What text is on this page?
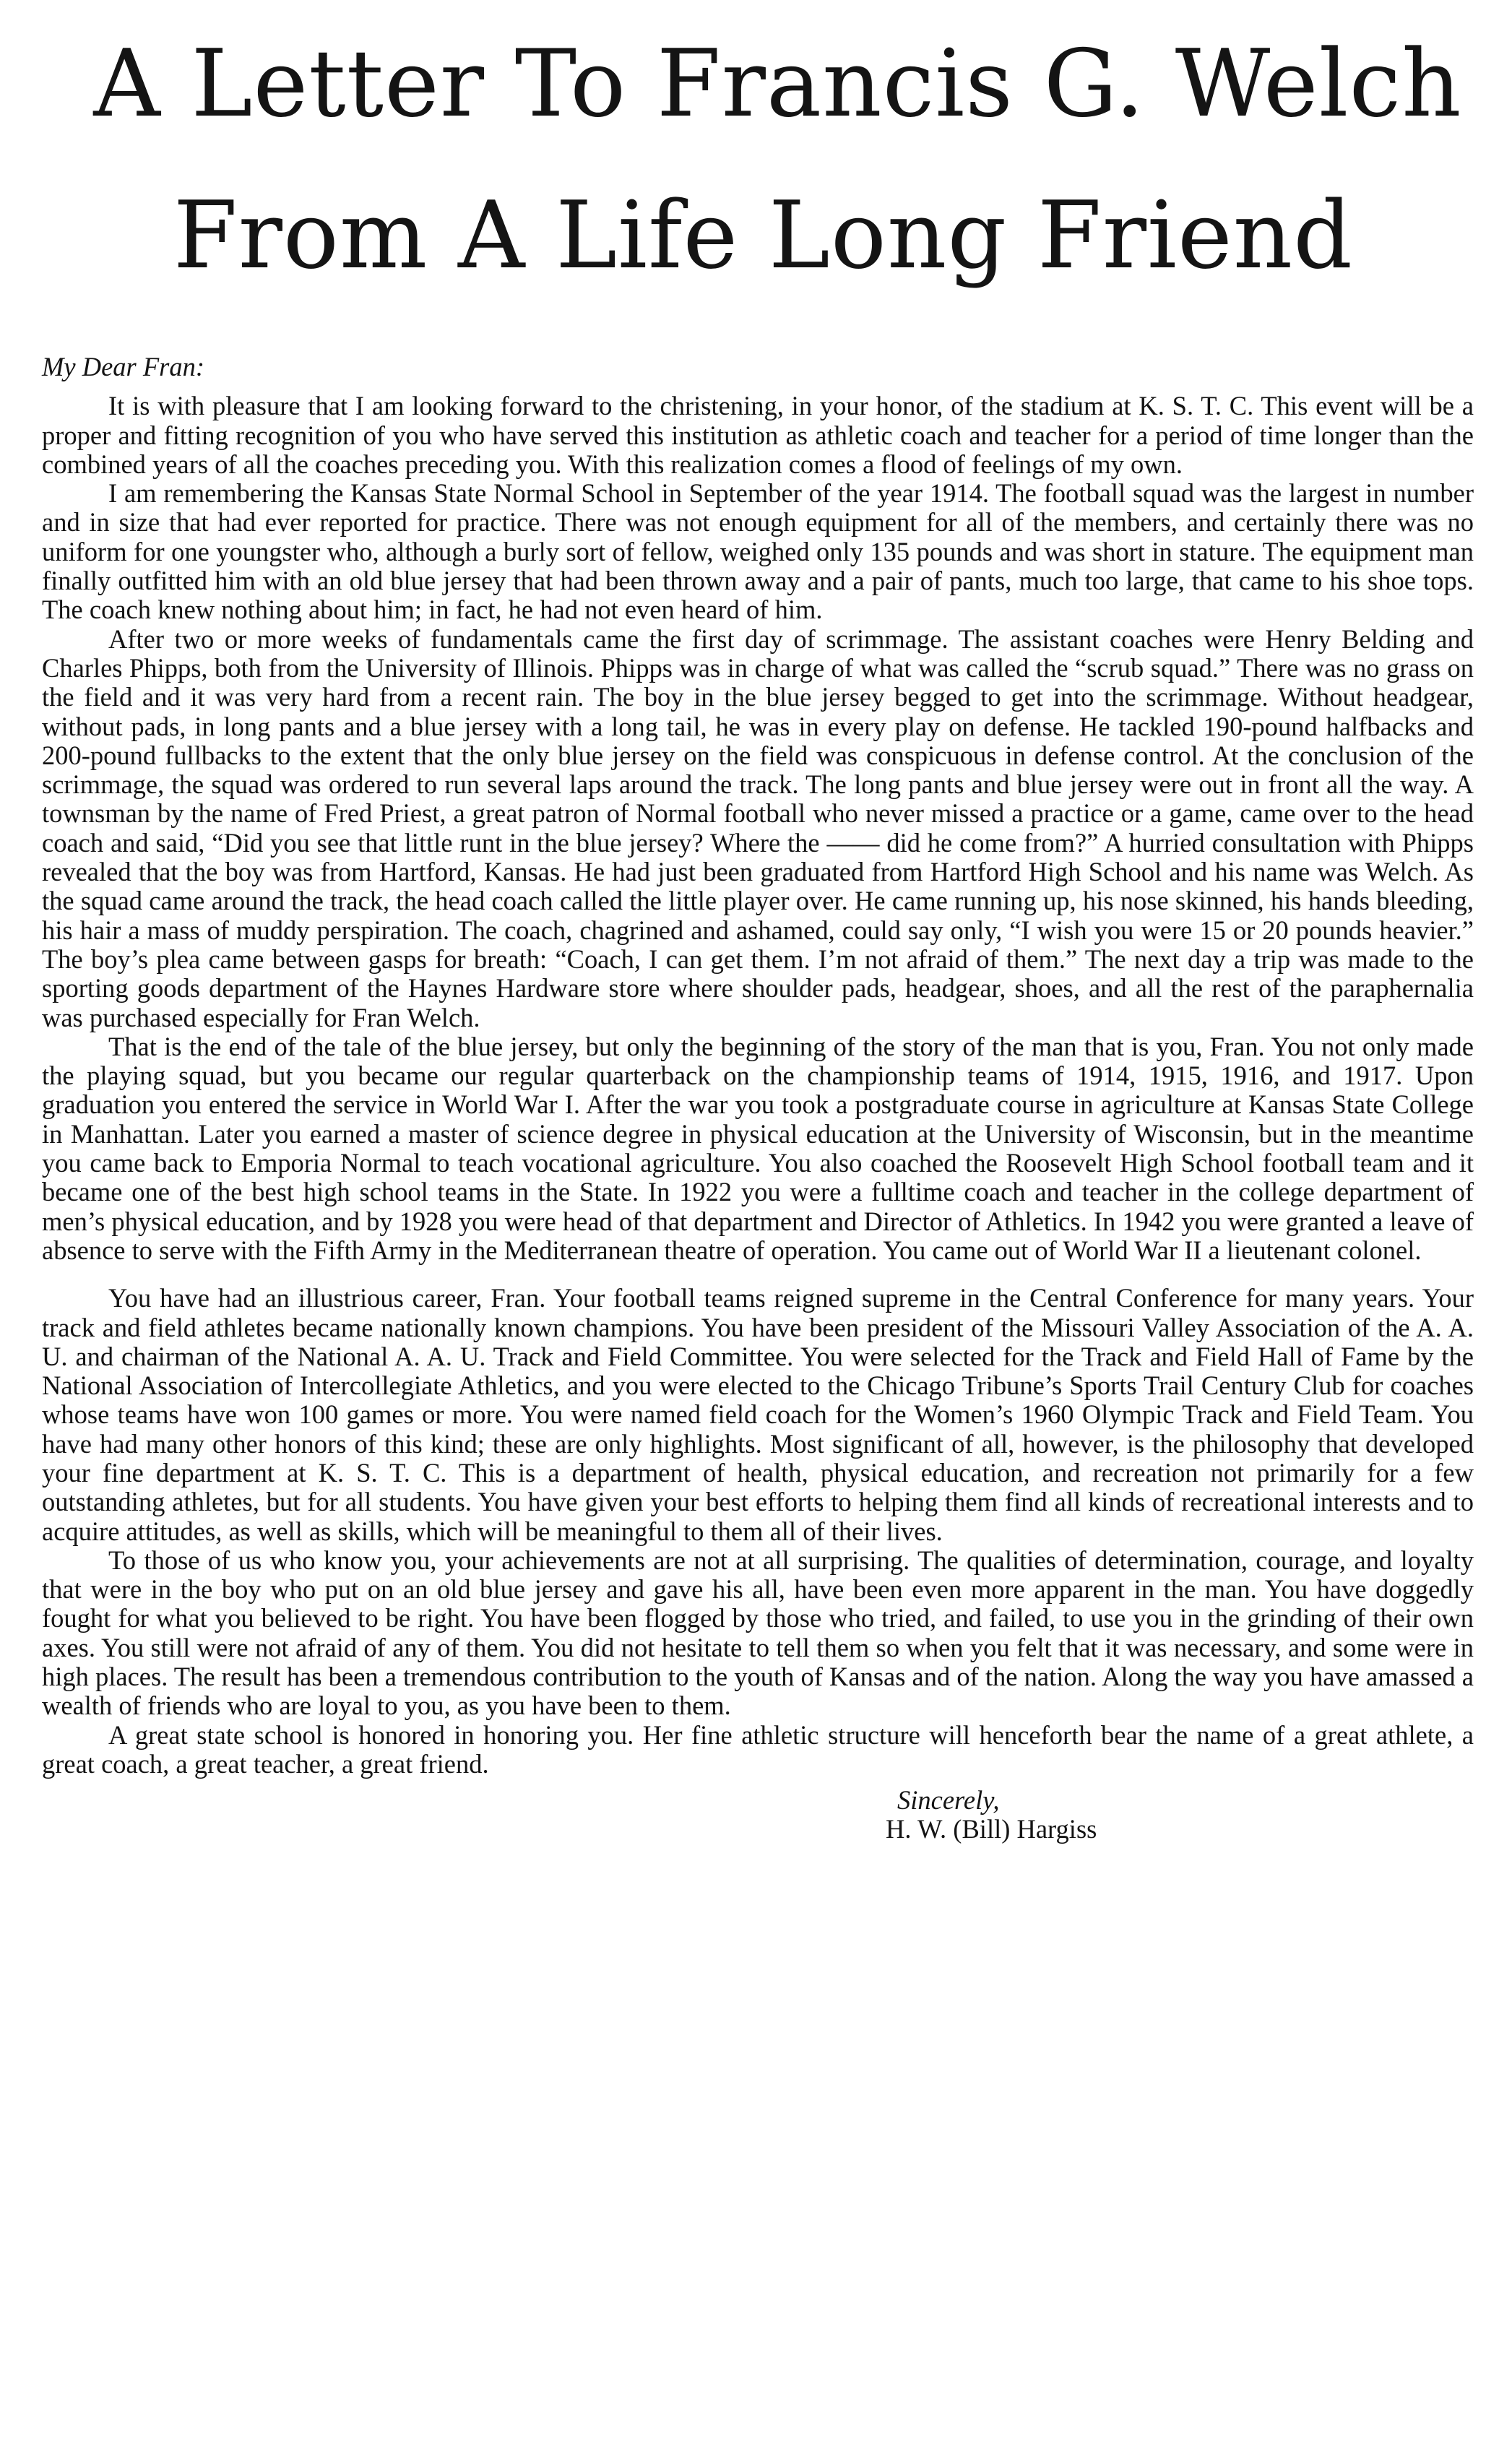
A Letter To Francis G. Welch
From A Life Long Friend

My Dear Fran:

It is with pleasure that I am looking forward to the christening, in your honor, of the stadium at K. S. T. C. This event will be a proper and fitting recognition of you who have served this institution as athletic coach and teacher for a period of time longer than the combined years of all the coaches preceding you. With this realization comes a flood of feelings of my own.

I am remembering the Kansas State Normal School in September of the year 1914. The football squad was the largest in number and in size that had ever reported for practice. There was not enough equipment for all of the members, and certainly there was no uniform for one youngster who, although a burly sort of fellow, weighed only 135 pounds and was short in stature. The equipment man finally outfitted him with an old blue jersey that had been thrown away and a pair of pants, much too large, that came to his shoe tops. The coach knew nothing about him; in fact, he had not even heard of him.

After two or more weeks of fundamentals came the first day of scrimmage. The assistant coaches were Henry Belding and Charles Phipps, both from the University of Illinois. Phipps was in charge of what was called the “scrub squad.” There was no grass on the field and it was very hard from a recent rain. The boy in the blue jersey begged to get into the scrimmage. Without headgear, without pads, in long pants and a blue jersey with a long tail, he was in every play on defense. He tackled 190-pound halfbacks and 200-pound fullbacks to the extent that the only blue jersey on the field was conspicuous in defense control. At the conclusion of the scrimmage, the squad was ordered to run several laps around the track. The long pants and blue jersey were out in front all the way. A townsman by the name of Fred Priest, a great patron of Normal football who never missed a practice or a game, came over to the head coach and said, “Did you see that little runt in the blue jersey? Where the —— did he come from?” A hurried consultation with Phipps revealed that the boy was from Hartford, Kansas. He had just been graduated from Hartford High School and his name was Welch. As the squad came around the track, the head coach called the little player over. He came running up, his nose skinned, his hands bleeding, his hair a mass of muddy perspiration. The coach, chagrined and ashamed, could say only, “I wish you were 15 or 20 pounds heavier.” The boy’s plea came between gasps for breath: “Coach, I can get them. I’m not afraid of them.” The next day a trip was made to the sporting goods department of the Haynes Hardware store where shoulder pads, headgear, shoes, and all the rest of the paraphernalia was purchased especially for Fran Welch.

That is the end of the tale of the blue jersey, but only the beginning of the story of the man that is you, Fran. You not only made the playing squad, but you became our regular quarterback on the championship teams of 1914, 1915, 1916, and 1917. Upon graduation you entered the service in World War I. After the war you took a postgraduate course in agriculture at Kansas State College in Manhattan. Later you earned a master of science degree in physical education at the University of Wisconsin, but in the meantime you came back to Emporia Normal to teach vocational agriculture. You also coached the Roosevelt High School football team and it became one of the best high school teams in the State. In 1922 you were a fulltime coach and teacher in the college department of men’s physical education, and by 1928 you were head of that department and Director of Athletics. In 1942 you were granted a leave of absence to serve with the Fifth Army in the Mediterranean theatre of operation. You came out of World War II a lieutenant colonel.

You have had an illustrious career, Fran. Your football teams reigned supreme in the Central Conference for many years. Your track and field athletes became nationally known champions. You have been president of the Missouri Valley Association of the A. A. U. and chairman of the National A. A. U. Track and Field Committee. You were selected for the Track and Field Hall of Fame by the National Association of Intercollegiate Athletics, and you were elected to the Chicago Tribune’s Sports Trail Century Club for coaches whose teams have won 100 games or more. You were named field coach for the Women’s 1960 Olympic Track and Field Team. You have had many other honors of this kind; these are only highlights. Most significant of all, however, is the philosophy that developed your fine department at K. S. T. C. This is a department of health, physical education, and recreation not primarily for a few outstanding athletes, but for all students. You have given your best efforts to helping them find all kinds of recreational interests and to acquire attitudes, as well as skills, which will be meaningful to them all of their lives.

To those of us who know you, your achievements are not at all surprising. The qualities of determination, courage, and loyalty that were in the boy who put on an old blue jersey and gave his all, have been even more apparent in the man. You have doggedly fought for what you believed to be right. You have been flogged by those who tried, and failed, to use you in the grinding of their own axes. You still were not afraid of any of them. You did not hesitate to tell them so when you felt that it was necessary, and some were in high places. The result has been a tremendous contribution to the youth of Kansas and of the nation. Along the way you have amassed a wealth of friends who are loyal to you, as you have been to them.

A great state school is honored in honoring you. Her fine athletic structure will henceforth bear the name of a great athlete, a great coach, a great teacher, a great friend.

Sincerely,
H. W. (Bill) Hargiss
